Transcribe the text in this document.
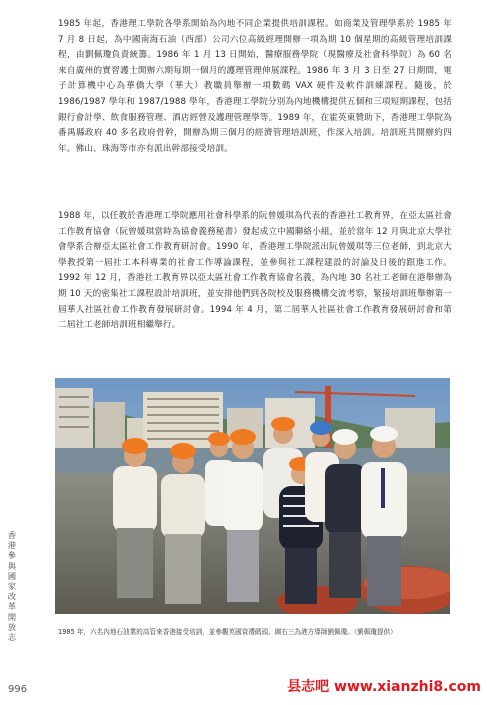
1985 年起，香港理工學院各學系開始為內地不同企業提供培訓課程。如商業及管理學系於 1985 年 7 月 8 日起，為中國南海石油（西部）公司六位高級經理開辦一項為期 10 個星期的高級管理培訓課程，由劉佩瓊負責統籌。1986 年 1 月 13 日開始，醫療服務學院（現醫療及社會科學院）為 60 名來自廣州的實習護士開辦六期每期一個月的護理管理伸展課程。1986 年 3 月 3 日至 27 日期間，電子計算機中心為華僑大學（華大）教職員舉辦一項數碼 VAX 硬件及軟件訓練課程。隨後，於 1986/1987 學年和 1987/1988 學年，香港理工學院分別為內地機構提供五個和三項短期課程，包括銀行會計學、飲食服務管理、酒店經營及護理管理學等。1989 年，在霍英東贊助下，香港理工學院為番禺縣政府 40 多名政府骨幹，開辦為期三個月的經濟管理培訓班，作深入培訓。培訓班共開辦約四年。佛山、珠海等市亦有派出幹部接受培訓。

1988 年，以任教於香港理工學院應用社會科學系的阮曾媛琪為代表的香港社工教育界，在亞太區社會工作教育協會（阮曾媛琪當時為協會義務秘書）發起成立中國聯絡小組，並於當年 12 月與北京大學社會學系合辦亞太區社會工作教育研討會。1990 年，香港理工學院派出阮曾媛琪等三位老師，到北京大學教授第一屆社工本科專業的社會工作導論課程，並參與社工課程建設的討論及日後的跟進工作。1992 年 12 月，香港社工教育界以亞太區社會工作教育協會名義，為內地 30 名社工老師在港舉辦為期 10 天的密集社工課程設計培訓班，並安排他們到各院校及服務機構交流考察，緊接培訓班舉辦第一屆華人社區社會工作教育發展研討會。1994 年 4 月，第二屆華人社區社會工作教育發展研討會和第二屆社工老師培訓班相繼舉行。

1985 年，六名內地石油業的高管來香港接受培訓，並參觀英國資禮碼頭。圖右三為港方導師劉佩瓊。（劉佩瓊提供）

香港參與國家改革開放志
996	县志吧 www.xianzhi8.com
